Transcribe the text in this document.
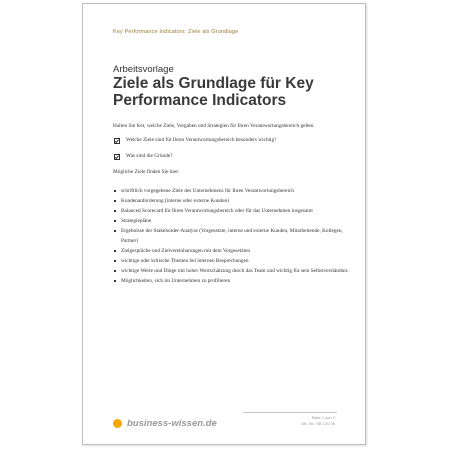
Key Performance Indicators: Ziele als Grundlage
Arbeitsvorlage
Ziele als Grundlage für Key Performance Indicators

Halten Sie fest, welche Ziele, Vorgaben und Strategien für Ihren Verantwortungsbereich gelten.

Welche Ziele sind für Ihren Verantwortungsbereich besonders wichtig?
Was sind die Gründe?

Mögliche Ziele finden Sie hier:

schriftlich vorgegebene Ziele des Unternehmens für Ihren Verantwortungsbereich
Kundenanforderung (interne oder externe Kunden)
Balanced Scorecard für Ihren Verantwortungsbereich oder für das Unternehmen insgesamt
Strategiepläne
Ergebnisse der Stakeholder-Analyse (Vorgesetzte, interne und externe Kunden, Mitarbeitende, Kollegen, Partner)
Zielgespräche und Zielvereinbarungen mit dem Vorgesetzten
wichtige oder kritische Themen bei internen Besprechungen
wichtige Werte und Dinge mit hoher Wertschätzung durch das Team und wichtig für sein Selbstverständnis
Möglichkeiten, sich im Unternehmen zu profilieren
business-wissen.de
Seite 1 von 2
Art.-Nr.: SB 120 06
